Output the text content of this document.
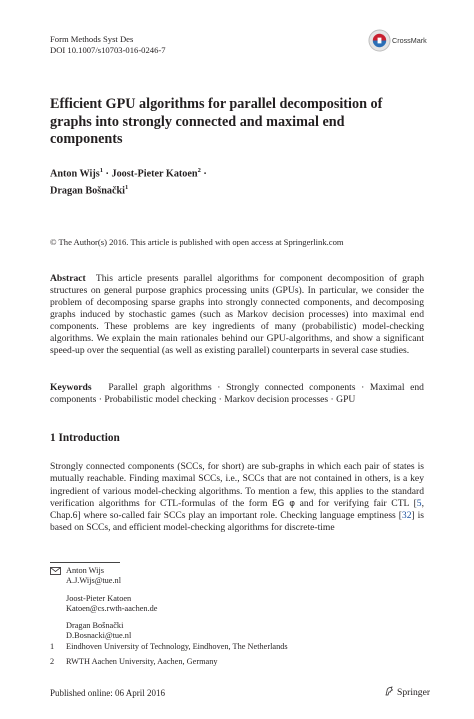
Form Methods Syst Des
DOI 10.1007/s10703-016-0246-7
CrossMark
Efficient GPU algorithms for parallel decomposition of graphs into strongly connected and maximal end components
Anton Wijs$^1$ · Joost-Pieter Katoen$^2$ ·
Dragan Bošnački$^1$
© The Author(s) 2016. This article is published with open access at Springerlink.com
Abstract This article presents parallel algorithms for component decomposition of graph structures on general purpose graphics processing units (GPUs). In particular, we consider the problem of decomposing sparse graphs into strongly connected components, and decomposing graphs induced by stochastic games (such as Markov decision processes) into maximal end components. These problems are key ingredients of many (probabilistic) model-checking algorithms. We explain the main rationales behind our GPU-algorithms, and show a significant speed-up over the sequential (as well as existing parallel) counterparts in several case studies.
Keywords Parallel graph algorithms · Strongly connected components · Maximal end components · Probabilistic model checking · Markov decision processes · GPU
1 Introduction
Strongly connected components (SCCs, for short) are sub-graphs in which each pair of states is mutually reachable. Finding maximal SCCs, i.e., SCCs that are not contained in others, is a key ingredient of various model-checking algorithms. To mention a few, this applies to the standard verification algorithms for CTL-formulas of the form EG φ and for verifying fair CTL [5, Chap.6] where so-called fair SCCs play an important role. Checking language emptiness [32] is based on SCCs, and efficient model-checking algorithms for discrete-time
Anton Wijs
A.J.Wijs@tue.nl
Joost-Pieter Katoen
Katoen@cs.rwth-aachen.de
Dragan Bošnački
D.Bosnacki@tue.nl
1 Eindhoven University of Technology, Eindhoven, The Netherlands
2 RWTH Aachen University, Aachen, Germany
Published online: 06 April 2016	Springer
